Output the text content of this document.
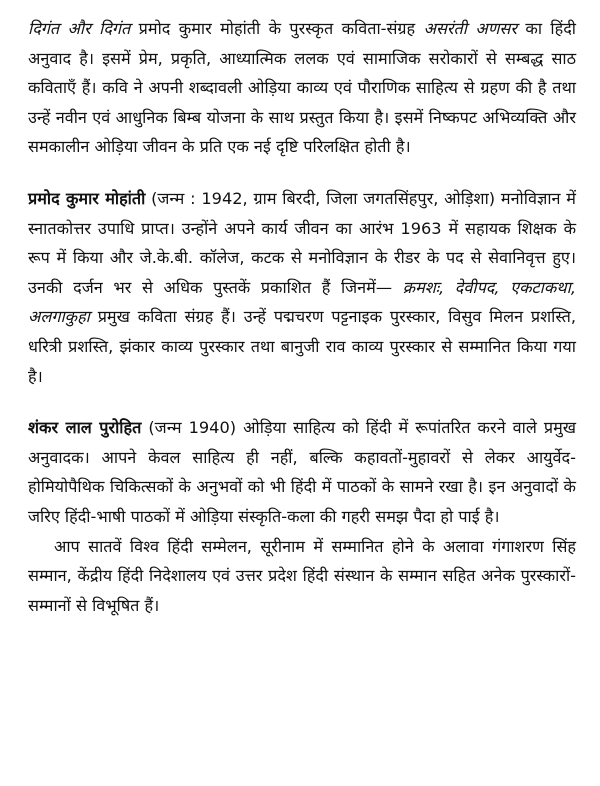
दिगंत और दिगंत प्रमोद कुमार मोहांती के पुरस्कृत कविता-संग्रह असरंती अणसर का हिंदी अनुवाद है। इसमें प्रेम, प्रकृति, आध्यात्मिक ललक एवं सामाजिक सरोकारों से सम्बद्ध साठ कविताएँ हैं। कवि ने अपनी शब्दावली ओड़िया काव्य एवं पौराणिक साहित्य से ग्रहण की है तथा उन्हें नवीन एवं आधुनिक बिम्ब योजना के साथ प्रस्तुत किया है। इसमें निष्कपट अभिव्यक्ति और समकालीन ओड़िया जीवन के प्रति एक नई दृष्टि परिलक्षित होती है।

प्रमोद कुमार मोहांती (जन्म : 1942, ग्राम बिरदी, जिला जगतसिंहपुर, ओड़िशा) मनोविज्ञान में स्नातकोत्तर उपाधि प्राप्त। उन्होंने अपने कार्य जीवन का आरंभ 1963 में सहायक शिक्षक के रूप में किया और जे.के.बी. कॉलेज, कटक से मनोविज्ञान के रीडर के पद से सेवानिवृत्त हुए। उनकी दर्जन भर से अधिक पुस्तकें प्रकाशित हैं जिनमें— क्रमशः, देवीपद, एकटाकथा, अलगाकुहा प्रमुख कविता संग्रह हैं। उन्हें पद्मचरण पट्टनाइक पुरस्कार, विसुव मिलन प्रशस्ति, धरित्री प्रशस्ति, झंकार काव्य पुरस्कार तथा बानुजी राव काव्य पुरस्कार से सम्मानित किया गया है।

शंकर लाल पुरोहित (जन्म 1940) ओड़िया साहित्य को हिंदी में रूपांतरित करने वाले प्रमुख अनुवादक। आपने केवल साहित्य ही नहीं, बल्कि कहावतों-मुहावरों से लेकर आयुर्वेद-होमियोपैथिक चिकित्सकों के अनुभवों को भी हिंदी में पाठकों के सामने रखा है। इन अनुवादों के जरिए हिंदी-भाषी पाठकों में ओड़िया संस्कृति-कला की गहरी समझ पैदा हो पाई है।
आप सातवें विश्व हिंदी सम्मेलन, सूरीनाम में सम्मानित होने के अलावा गंगाशरण सिंह सम्मान, केंद्रीय हिंदी निदेशालय एवं उत्तर प्रदेश हिंदी संस्थान के सम्मान सहित अनेक पुरस्कारों-सम्मानों से विभूषित हैं।
